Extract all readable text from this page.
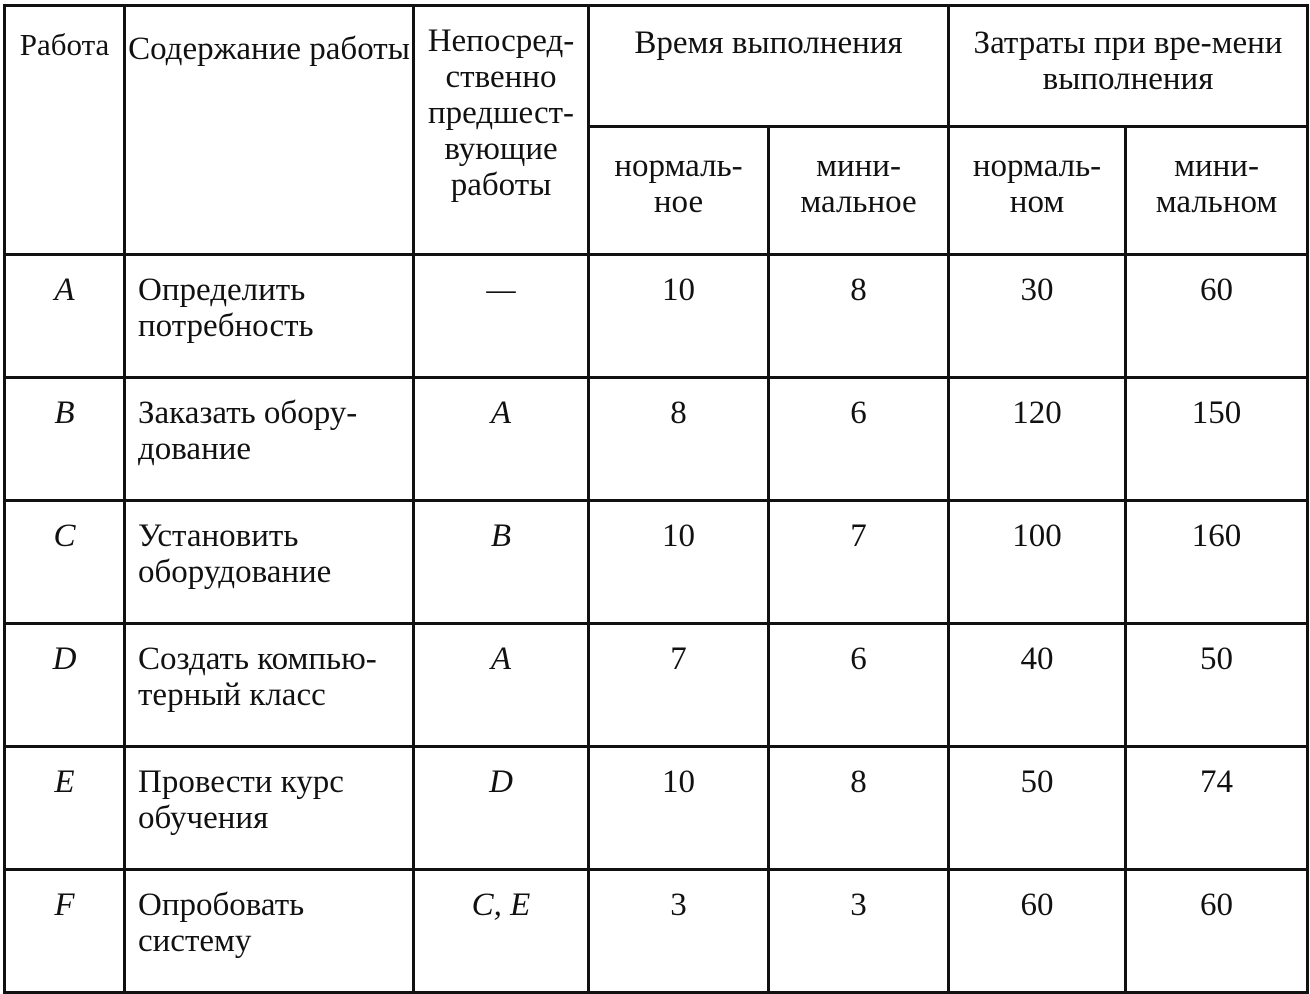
Работа	Содержание работы	Непосред-ственно предшест-вующие работы	Время выполнения		Затраты при вре-мени выполнения	
			нормаль-ное	мини-мальное	нормаль-ном	мини-мальном
A	Определить потребность	—	10	8	30	60
B	Заказать обору-дование	A	8	6	120	150
C	Установить оборудование	B	10	7	100	160
D	Создать компью-терный класс	A	7	6	40	50
E	Провести курс обучения	D	10	8	50	74
F	Опробовать систему	C, E	3	3	60	60
